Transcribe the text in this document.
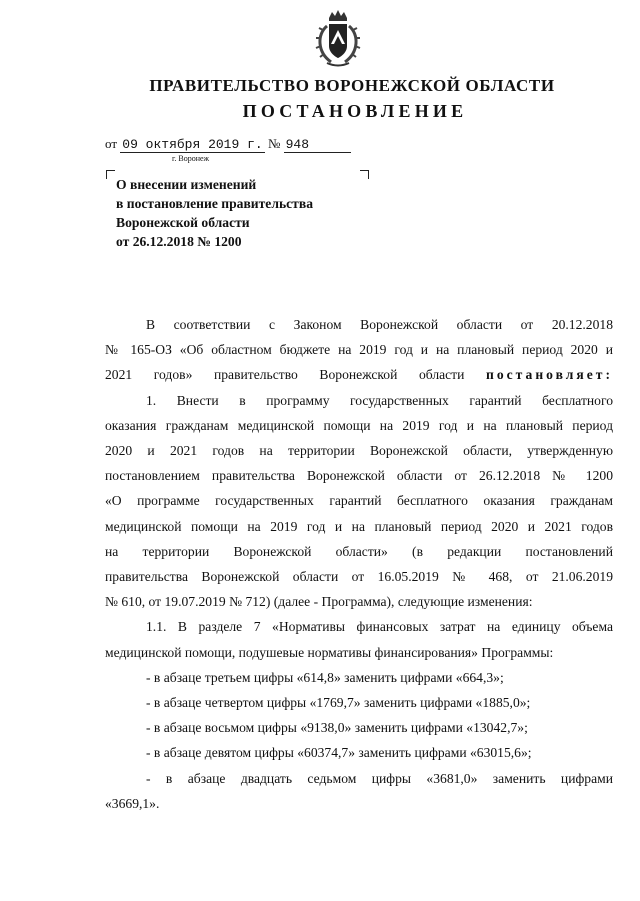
ПРАВИТЕЛЬСТВО ВОРОНЕЖСКОЙ ОБЛАСТИ
ПОСТАНОВЛЕНИЕ
от 09 октября 2019 г. № 948
г. Воронеж
О внесении изменений
в постановление правительства
Воронежской области
от 26.12.2018 № 1200

В соответствии с Законом Воронежской области от 20.12.2018

№ 165-ОЗ «Об областном бюджете на 2019 год и на плановый период 2020 и

2021 годов» правительство Воронежской области постановляет:

1. Внести в программу государственных гарантий бесплатного

оказания гражданам медицинской помощи на 2019 год и на плановый период

2020 и 2021 годов на территории Воронежской области, утвержденную

постановлением правительства Воронежской области от 26.12.2018 № 1200

«О программе государственных гарантий бесплатного оказания гражданам

медицинской помощи на 2019 год и на плановый период 2020 и 2021 годов

на территории Воронежской области» (в редакции постановлений

правительства Воронежской области от 16.05.2019 № 468, от 21.06.2019

№ 610, от 19.07.2019 № 712) (далее - Программа), следующие изменения:

1.1. В разделе 7 «Нормативы финансовых затрат на единицу объема

медицинской помощи, подушевые нормативы финансирования» Программы:

- в абзаце третьем цифры «614,8» заменить цифрами «664,3»;

- в абзаце четвертом цифры «1769,7» заменить цифрами «1885,0»;

- в абзаце восьмом цифры «9138,0» заменить цифрами «13042,7»;

- в абзаце девятом цифры «60374,7» заменить цифрами «63015,6»;

- в абзаце двадцать седьмом цифры «3681,0» заменить цифрами

«3669,1».
